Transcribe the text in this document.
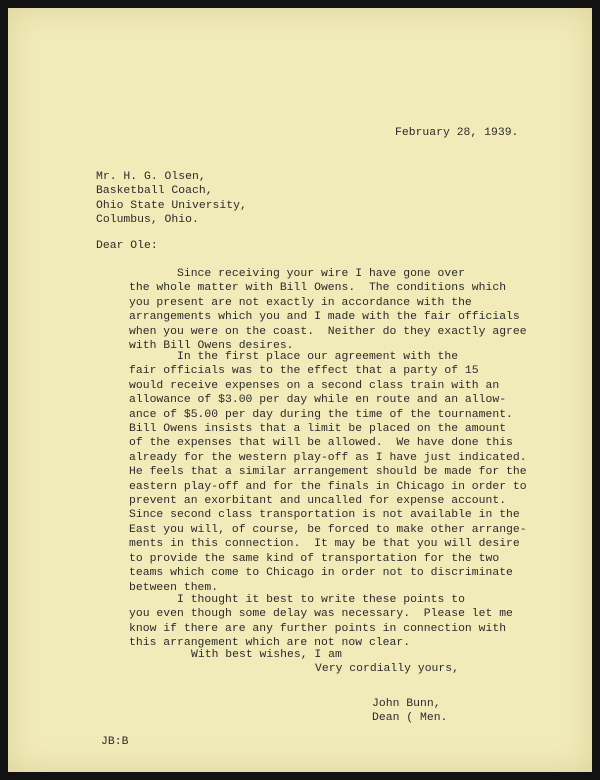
February 28, 1939.
Mr. H. G. Olsen,
Basketball Coach,
Ohio State University,
Columbus, Ohio.
Dear Ole:
Since receiving your wire I have gone over
the whole matter with Bill Owens.  The conditions which
you present are not exactly in accordance with the
arrangements which you and I made with the fair officials
when you were on the coast.  Neither do they exactly agree
with Bill Owens desires.
In the first place our agreement with the
fair officials was to the effect that a party of 15
would receive expenses on a second class train with an
allowance of $3.00 per day while en route and an allow-
ance of $5.00 per day during the time of the tournament.
Bill Owens insists that a limit be placed on the amount
of the expenses that will be allowed.  We have done this
already for the western play-off as I have just indicated.
He feels that a similar arrangement should be made for the
eastern play-off and for the finals in Chicago in order to
prevent an exorbitant and uncalled for expense account.
Since second class transportation is not available in the
East you will, of course, be forced to make other arrange-
ments in this connection.  It may be that you will desire
to provide the same kind of transportation for the two
teams which come to Chicago in order not to discriminate
between them.
I thought it best to write these points to
you even though some delay was necessary.  Please let me
know if there are any further points in connection with
this arrangement which are not now clear.
With best wishes, I am
Very cordially yours,
John Bunn,
Dean ( Men.
JB:B
